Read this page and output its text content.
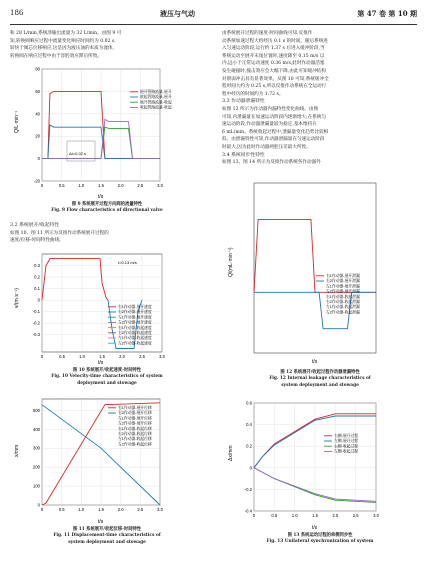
186	液压与气动	第 47 卷 第 10 期

和 28 L/min,系统净输出流量为 32 L/min。由图 9 可

知,转换阀响应过程中流量变化响应时间约为 0.02 s,

较快于阀芯位移响应,这是因为液压油的本质为流体,

转换阀在响应过程中由于容腔效应滞后所致。

Q/L·min⁻¹
t/s
80
60
40
20
0
-20
0	0.5	1.0	1.5	2.0	2.5	3.0
Δt=0.02 s
展开管路流量-展开
收起管路流量-展开
展开管路流量-收起
收起管路流量-收起
图 9 系统展开过程方向阀的流量特性
Fig. 9 Flow characteristics of directional valve

3.2 系统展开/收起特性

如图 10、图 11 所示为反推作动系统展开过程的

速度/位移-时间特性曲线。

v/(m·s⁻¹)
t/s
0.3
0.2
0.1
0
-0.1
-0.2
-0.3
0	0.5	1.0	1.5	2.0	2.5	3.0
t=0.13 m/s
右1作动器-展开速度
右2作动器-展开速度
左1作动器-展开速度
左2作动器-展开速度
右1作动器-收起速度
右2作动器-收起速度
左1作动器-收起速度
左2作动器-收起速度
图 10 系统展开/收起速度-时间特性
Fig. 10 Velocity-time characteristics of system
deployment and stowage
x/mm
t/s
500
400
300
200
100
0
0	0.5	1.0	1.5	2.0	2.5	3.0
右1作动器-展开位移
右2作动器-展开位移
左1作动器-展开位移
左2作动器-展开位移
右1作动器-收起位移
右2作动器-收起位移
左1作动器-收起位移
左2作动器-收起位移
图 11 系统展开/收起位移-时间特性
Fig. 11 Displacement-time characteristics of
system deployment and stowage

由系统展开过程的速度-时间曲线可知,反推作

动系统加速过程大约经历 0.1 s 的时间。随后系统进

入匀速运动阶段,运行约 1.37 s 后进入缓冲阶段,当

系统运动至展开末尾位置时,速度降至 0.15 m/s 以

内,远小于正常运动速度 0.36 m/s,此时作动器活塞

发生碰撞时,撞击效应会大幅下降,由此可知缓冲结构

对削弱冲击具有显著效果。从图 10 可知,系统缓冲全

程时间大约为 0.25 s,所以反推作动系统在全运动行

程中经历的时间约为 1.72 s。

3.3 作动器泄漏特性

如图 12 所示为作动器内漏特性变化曲线。由图

可知,内泄漏量在加速运动阶段内逐渐增大;在系统匀

速运动阶段,作动器泄漏量较为稳定,基本维持在

6 mL/min。系统收起过程中,泄漏量变化趋势比较相

似。由泄漏特性可知,作动器泄漏量在匀速运动阶段

时最大,因为此时作动器两腔压差最大所致。

3.4 系统同步性特性

如图 13、图 14 所示为反推作动系统各作动器外

Q/(mL·min⁻¹)
t/s
右1作动器-展开泄漏
右2作动器-展开泄漏
左1作动器-展开泄漏
左2作动器-展开泄漏
右1作动器-收起泄漏
右2作动器-收起泄漏
左1作动器-收起泄漏
左2作动器-收起泄漏
图 12 系统展开/收起过程作动器泄漏特性
Fig. 12 Internal leakage characteristics of
system deployment and stowage
Δx/mm
t/s
0.6
0.4
0.2
0
-0.2
-0.4
0	0.5	1.0	1.5	2.0	2.5	3.0
右侧-展开过程
左侧-展开过程
右侧-收起过程
左侧-收起过程
图 13 系统运动过程的单侧同步性
Fig. 13 Unilateral synchronization of system
